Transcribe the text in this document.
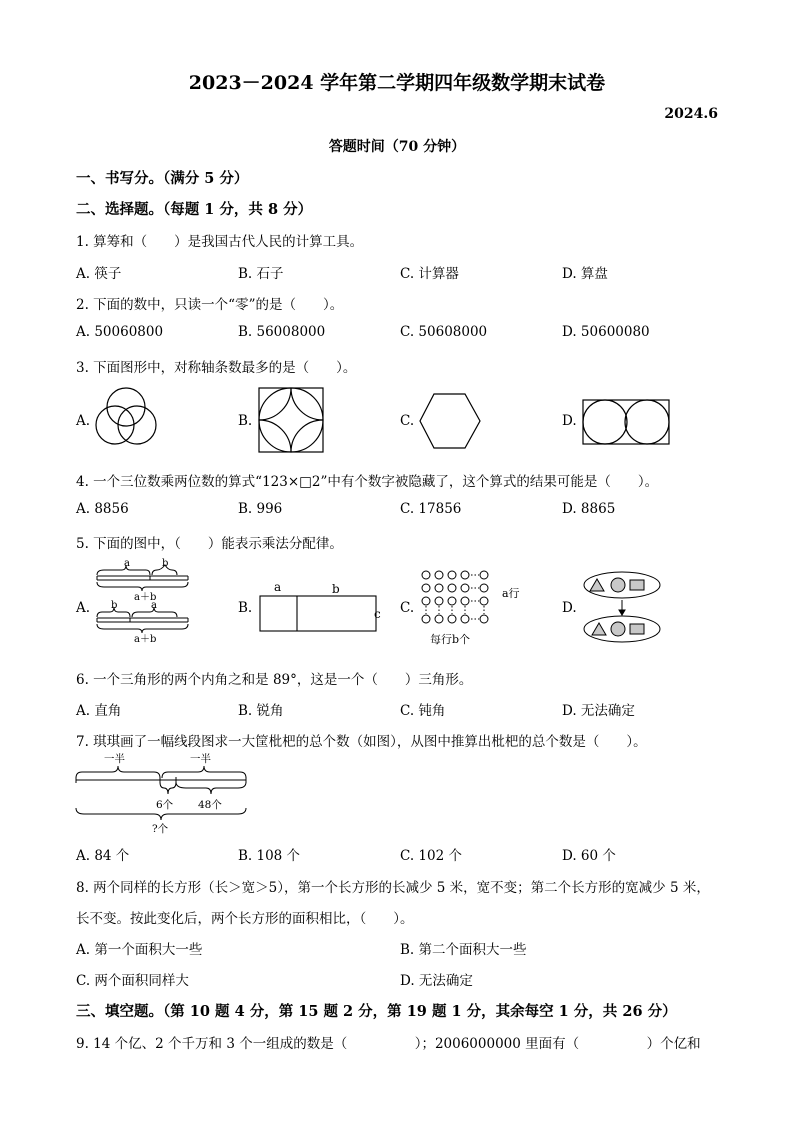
2023－2024 学年第二学期四年级数学期末试卷
2024.6
答题时间（70 分钟）
一、书写分。（满分 5 分）
二、选择题。（每题 1 分，共 8 分）
1. 算筹和（　　）是我国古代人民的计算工具。
A. 筷子	B. 石子	C. 计算器	D. 算盘
2. 下面的数中，只读一个“零”的是（　　）。
A. 50060800	B. 56008000	C. 50608000	D. 50600080
3. 下面图形中，对称轴条数最多的是（　　）。
A.	B.	C.	D.
4. 一个三位数乘两位数的算式“123×□2”中有个数字被隐藏了，这个算式的结果可能是（　　）。
A. 8856	B. 996	C. 17856	D. 8865
5. 下面的图中，（　　）能表示乘法分配律。
A.	B.	C.	D.
a	b
a＋b
b	a
a＋b
a	b
c
a行
每行b个
6. 一个三角形的两个内角之和是 89°，这是一个（　　）三角形。
A. 直角	B. 锐角	C. 钝角	D. 无法确定
7. 琪琪画了一幅线段图求一大筐枇杷的总个数（如图），从图中推算出枇杷的总个数是（　　）。
一半	一半
6个 48个
?个
A. 84 个	B. 108 个	C. 102 个	D. 60 个
8. 两个同样的长方形（长＞宽＞5），第一个长方形的长减少 5 米，宽不变；第二个长方形的宽减少 5 米，
长不变。按此变化后，两个长方形的面积相比，（　　）。
A. 第一个面积大一些	B. 第二个面积大一些
C. 两个面积同样大	D. 无法确定
三、填空题。（第 10 题 4 分，第 15 题 2 分，第 19 题 1 分，其余每空 1 分，共 26 分）
9. 14 个亿、2 个千万和 3 个一组成的数是（　　　　　）；2006000000 里面有（　　　　　）个亿和
